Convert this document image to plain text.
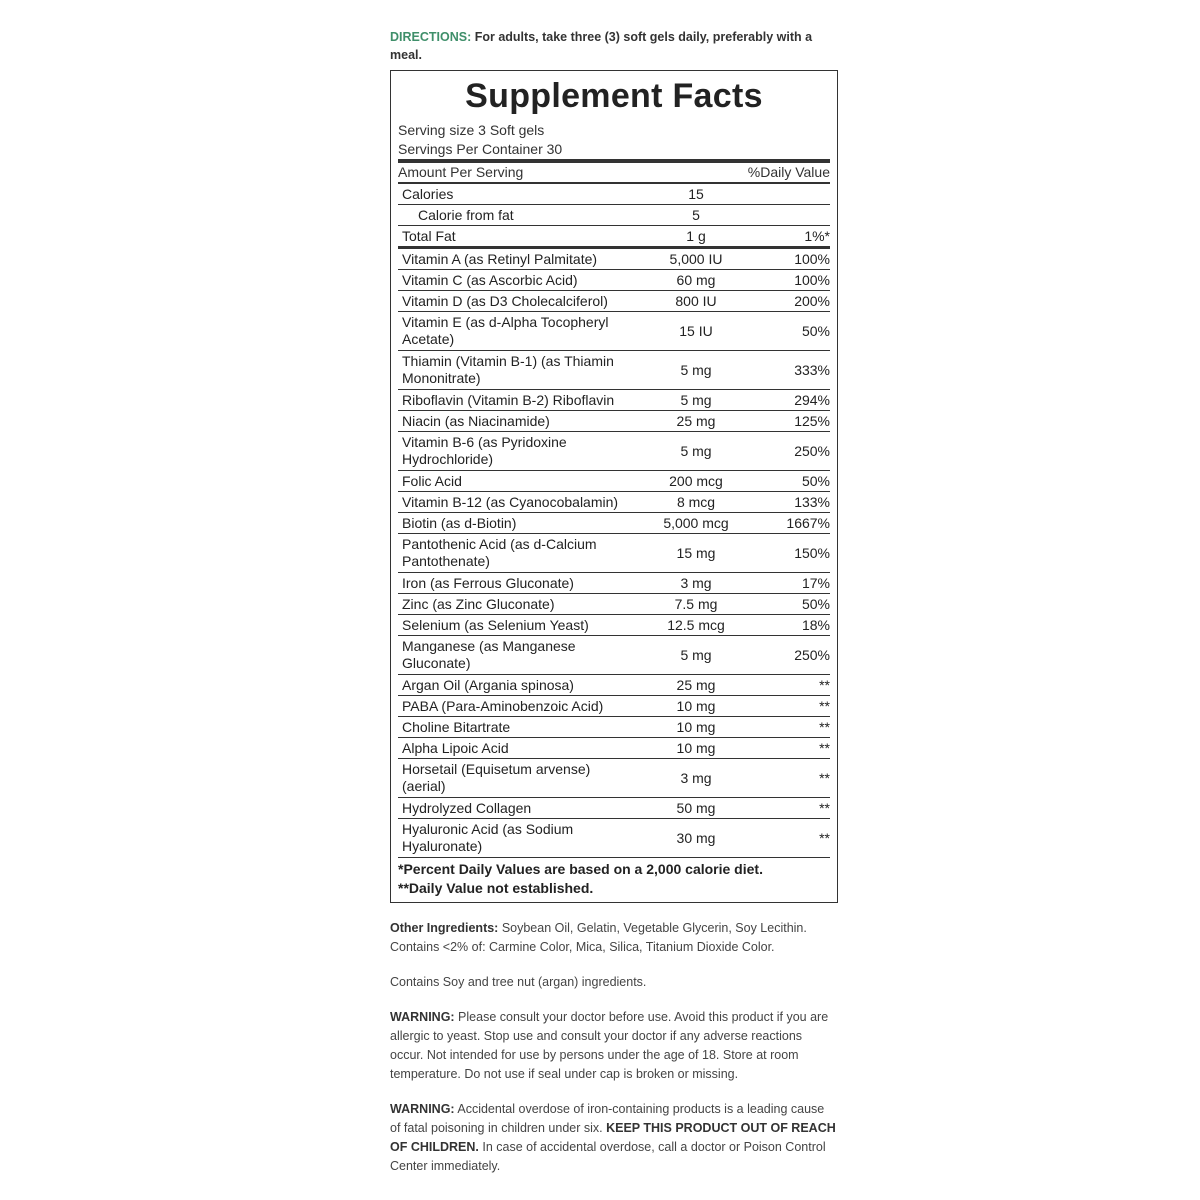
DIRECTIONS: For adults, take three (3) soft gels daily, preferably with a meal.

Supplement Facts
Serving size 3 Soft gels
Servings Per Container 30
Amount Per Serving	%Daily Value
Calories	15
Calorie from fat	5
Total Fat	1 g	1%*
Vitamin A (as Retinyl Palmitate)	5,000 IU	100%
Vitamin C (as Ascorbic Acid)	60 mg	100%
Vitamin D (as D3 Cholecalciferol)	800 IU	200%
Vitamin E (as d-Alpha Tocopheryl Acetate)	15 IU	50%
Thiamin (Vitamin B-1) (as Thiamin Mononitrate)	5 mg	333%
Riboflavin (Vitamin B-2) Riboflavin	5 mg	294%
Niacin (as Niacinamide)	25 mg	125%
Vitamin B-6 (as Pyridoxine Hydrochloride)	5 mg	250%
Folic Acid	200 mcg	50%
Vitamin B-12 (as Cyanocobalamin)	8 mcg	133%
Biotin (as d-Biotin)	5,000 mcg	1667%
Pantothenic Acid (as d-Calcium Pantothenate)	15 mg	150%
Iron (as Ferrous Gluconate)	3 mg	17%
Zinc (as Zinc Gluconate)	7.5 mg	50%
Selenium (as Selenium Yeast)	12.5 mcg	18%
Manganese (as Manganese Gluconate)	5 mg	250%
Argan Oil (Argania spinosa)	25 mg	**
PABA (Para-Aminobenzoic Acid)	10 mg	**
Choline Bitartrate	10 mg	**
Alpha Lipoic Acid	10 mg	**
Horsetail (Equisetum arvense) (aerial)	3 mg	**
Hydrolyzed Collagen	50 mg	**
Hyaluronic Acid (as Sodium Hyaluronate)	30 mg	**
*Percent Daily Values are based on a 2,000 calorie diet.
**Daily Value not established.

Other Ingredients: Soybean Oil, Gelatin, Vegetable Glycerin, Soy Lecithin. Contains <2% of: Carmine Color, Mica, Silica, Titanium Dioxide Color.

Contains Soy and tree nut (argan) ingredients.

WARNING: Please consult your doctor before use. Avoid this product if you are allergic to yeast. Stop use and consult your doctor if any adverse reactions occur. Not intended for use by persons under the age of 18. Store at room temperature. Do not use if seal under cap is broken or missing.

WARNING: Accidental overdose of iron-containing products is a leading cause of fatal poisoning in children under six. KEEP THIS PRODUCT OUT OF REACH OF CHILDREN. In case of accidental overdose, call a doctor or Poison Control Center immediately.
